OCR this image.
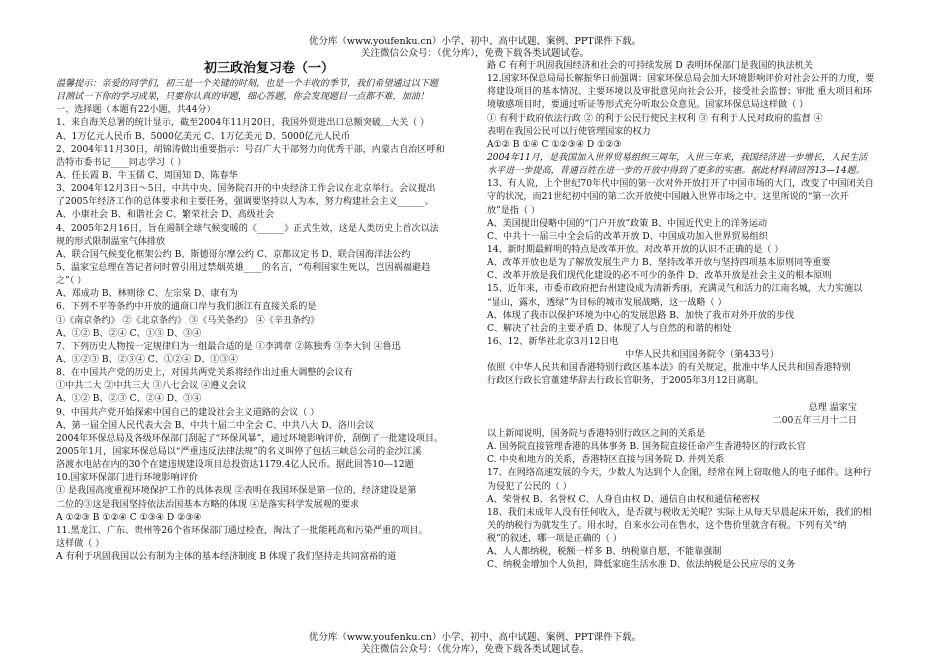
优分库（www.youfenku.cn）小学、初中、高中试题、案例、PPT课件下载。
关注微信公众号：（优分库），免费下载各类试题试卷。
初三政治复习卷（一）
温馨提示：亲爱的同学们，初三是一个关键的时刻，也是一个丰收的季节，我们希望通过以下题
目测试一下你的学习成果，只要你认真的审题，细心答题，你会发现题目一点都不难，加油！
一、选择题（本题有22小题，共44分）
1、来自海关总署的统计显示，截至2004年11月20日，我国外贸进出口总额突破＿大关（ ）
A、1万亿元人民币 B、5000亿美元 C、1万亿美元 D、5000亿元人民币
2、2004年11月30日，胡锦涛做出重要指示：号召广大干部努力向优秀干部，内蒙古自治区呼和
浩特市委书记____同志学习（ ）
A、任长霞 B、牛玉儒 C、周国知 D、陈春华
3、2004年12月3日～5日，中共中央、国务院召开的中央经济工作会议在北京举行。会议提出
了2005年经济工作的总体要求和主要任务，强调要坚持以人为本，努力构建社会主义______。
A、小康社会 B、和谐社会 C、繁荣社会 D、高级社会
4、2005年2月16日，旨在遏制全球气候变暖的《______》正式生效，这是人类历史上首次以法
规的形式限制温室气体排放
A、联合国气候变化框架公约 B、斯德哥尔摩公约 C、京都议定书 D、联合国海洋法公约
5、温家宝总理在答记者问时曾引用过禁烟英雄____的名言，“苟利国家生死以，岂因祸福避趋
之”（ ）
A、郑成功 B、林则徐 C、左宗棠 D、康有为
6、下列不平等条约中开放的通商口岸与我们浙江有直接关系的是
①《南京条约》 ②《北京条约》 ③《马关条约》 ④《辛丑条约》
A、①② B、②④ C、①③ D、③④
7、下列历史人物按一定规律归为一组最合适的是 ①李鸿章 ②陈独秀 ③李大钊 ④鲁迅
A、①②③ B、②③④ C、①②④ D、①③④
8、在中国共产党的历史上，对国共两党关系将经作出过重大调整的会议有
①中共二大 ②中共三大 ③八七会议 ④遵义会议
A、①② B、②③ C、②④ D、③④
9、中国共产党开始探索中国自己的建设社会主义道路的会议（ ）
A、第一届全国人民代表大会 B、中共十届二中全会 C、中共八大 D、洛川会议
2004年环保总局及各级环保部门刮起了“环保风暴”，通过环境影响评价，刮倒了一批建设项目。
2005年1月，国家环保总局以“严重违反法律法规”的名义叫停了包括三峡总公司的金沙江溪
洛渡水电站在内的30个在建违规建设项目总投资达1179.4亿人民币。据此回答10---12题
10.国家环保部门进行环境影响评价
① 是我国高度重视环境保护工作的具体表现 ②表明在我国环保是第一位的，经济建设是第
二位的③这是我国坚持依法治国基本方略的体现 ④是落实科学发展观的要求
A ①②③ B ①②④ C ①③④ D ②③④
11.黑龙江、广东、贵州等26个省环保部门通过检查，淘汰了一批能耗高和污染严重的项目。
这样做（ ）
A 有利于巩固我国以公有制为主体的基本经济制度 B 体现了我们坚持走共同富裕的道
路 C 有利于巩固我国经济和社会的可持续发展 D 表明环保部门是我国的执法机关
12.国家环保总局局长解振华日前强调：国家环保总局会加大环境影响评价对社会公开的力度，要
将建设项目的基本情况、主要环境以及审批意见向社会公开，接受社会监督；审批 重大项目和环
境敏感项目时，要通过听证等形式充分听取公众意见。国家环保总局这样做（ ）
① 有利于政府依法行政 ② 的利于公民行使民主权利 ③ 有利于人民对政府的监督 ④
表明在我国公民可以行使管理国家的权力
A①② B ①④ C ①②③④ D ①②③
2004年11月，是我国加入世界贸易组织三周年，入世三年来，我国经济进一步增长，人民生活
水平进一步提高，普通百姓在进一步的开放中得到了更多的实惠。据此材料请回答13—14题。
13、有人说，上个世纪70年代中国的第一次对外开放打开了中国市场的大门，改变了中国闭关自
守的状况，而21世纪初中国的第二次开放使中国融入世界市场之中。这里所说的“第一次开
放”是指（ ）
A、美国提出侵略中国的“门户开放”政策 B、中国近代史上的洋务运动
C、中共十一届三中全会后的改革开放 D、中国成功加入世界贸易组织
14、新时期最鲜明的特点是改革开放。对改革开放的认识不正确的是（ ）
A、改革开放也是为了解放发展生产力 B、坚持改革开放与坚持四项基本原则同等重要
C、改革开放是我们现代化建设的必不可少的条件 D、改革开放是社会主义的根本原则
15、近年来，市委市政府把台州建设成为清新秀丽，充满灵气和活力的江南名城，大力实施以
“显山，露水，透绿”为目标的城市发展战略，这一战略（ ）
A、体现了我市以保护环境为中心的发展思路 B、加快了我市对外开放的步伐
C、解决了社会的主要矛盾 D、体现了人与自然的和谐的相处
16、12、新华社北京3月12日电
中华人民共和国国务院令（第433号）
依照《中华人民共和国香港特别行政区基本法》的有关规定，批准中华人民共和国香港特别
行政区行政长官董建华辞去行政长官职务，于2005年3月12日离职。
总理 温家宝
二00五年三月十二日
以上新闻说明，国务院与香港特别行政区之间的关系是
A. 国务院直接管理香港的具体事务 B. 国务院直接任命产生香港特区的行政长官
C. 中央和地方的关系，香港特区直接与国务院 D. 并列关系
17、在网络高速发展的今天，少数人为达到个人企图，经常在网上窃取他人的电子邮件。这种行
为侵犯了公民的（ ）
A、荣誉权 B、名誉权 C、人身自由权 D、通信自由权和通信秘密权
18、我们未成年人没有任何收入，是否就与税收无关呢？实际上从每天早晨起床开始，我们的相
关的纳税行为就发生了。用水时，自来水公司在售水，这个售价里就含有税。下列有关“纳
税”的叙述，哪一项是正确的（ ）
A、人人都纳税，税额一样多 B、纳税靠自愿，不能靠强制
C、纳税金增加个人负担，降低家庭生活水准 D、依法纳税是公民应尽的义务
优分库（www.youfenku.cn）小学、初中、高中试题、案例、PPT课件下载。
关注微信公众号：（优分库），免费下载各类试题试卷。
